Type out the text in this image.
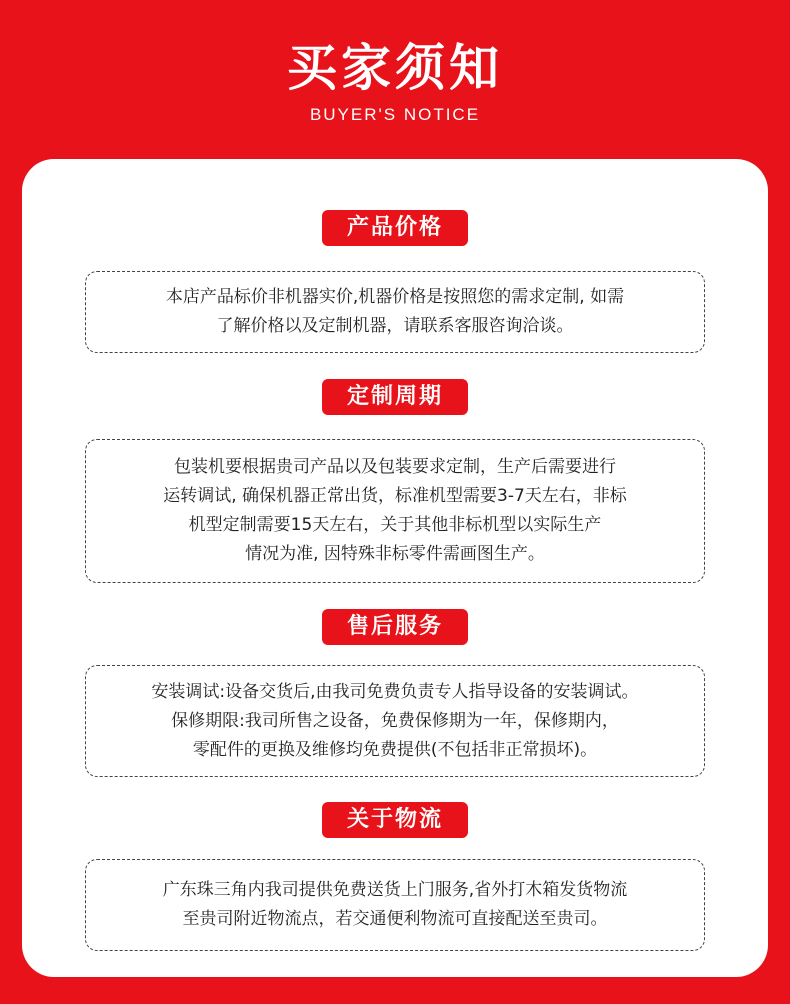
买家须知
BUYER'S NOTICE
产品价格
本店产品标价非机器实价,机器价格是按照您的需求定制, 如需
了解价格以及定制机器，请联系客服咨询洽谈。
定制周期
包装机要根据贵司产品以及包装要求定制，生产后需要进行
运转调试, 确保机器正常出货，标准机型需要3-7天左右，非标
机型定制需要15天左右，关于其他非标机型以实际生产
情况为准, 因特殊非标零件需画图生产。
售后服务
安装调试:设备交货后,由我司免费负责专人指导设备的安装调试。
保修期限:我司所售之设备，免费保修期为一年，保修期内，
零配件的更换及维修均免费提供(不包括非正常损坏)。
关于物流
广东珠三角内我司提供免费送货上门服务,省外打木箱发货物流
至贵司附近物流点，若交通便利物流可直接配送至贵司。
